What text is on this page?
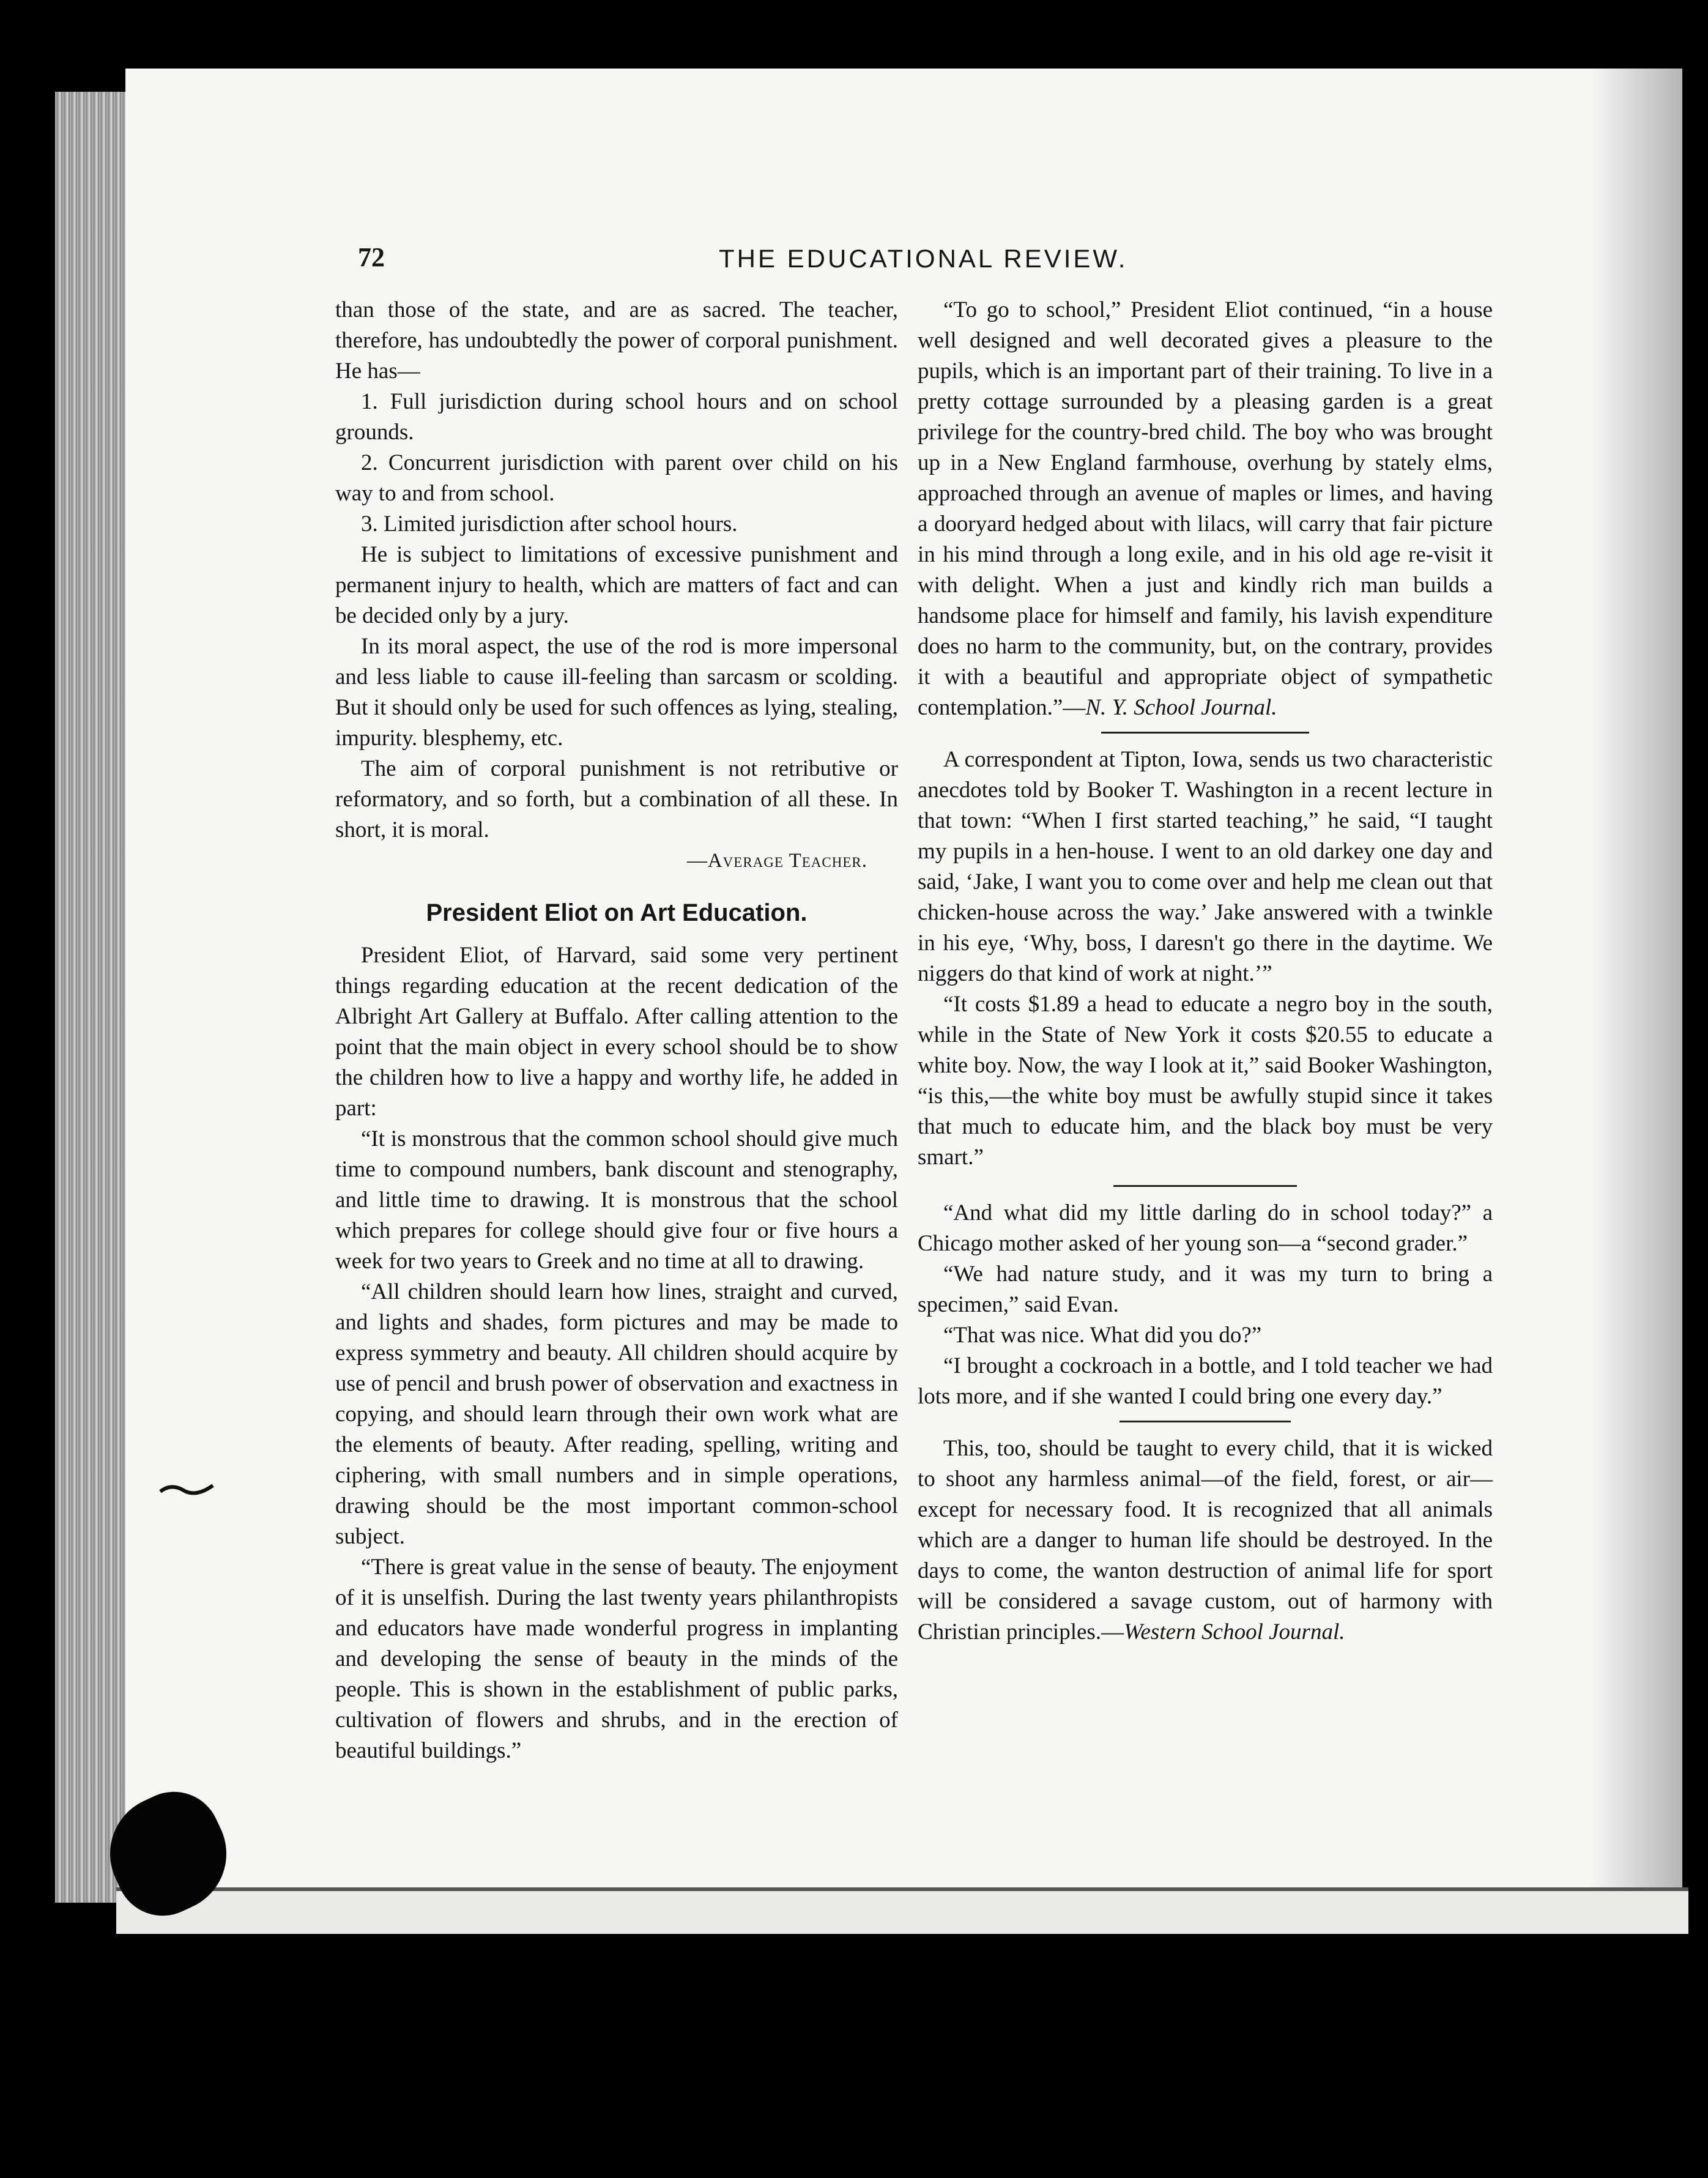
72	THE EDUCATIONAL REVIEW.

than those of the state, and are as sacred. The teacher, therefore, has undoubtedly the power of corporal punishment. He has—

1. Full jurisdiction during school hours and on school grounds.

2. Concurrent jurisdiction with parent over child on his way to and from school.

3. Limited jurisdiction after school hours.

He is subject to limitations of excessive punishment and permanent injury to health, which are matters of fact and can be decided only by a jury.

In its moral aspect, the use of the rod is more impersonal and less liable to cause ill-feeling than sarcasm or scolding. But it should only be used for such offences as lying, stealing, impurity. blesphemy, etc.

The aim of corporal punishment is not retributive or reformatory, and so forth, but a combination of all these. In short, it is moral.

—Average Teacher.

President Eliot on Art Education.

President Eliot, of Harvard, said some very pertinent things regarding education at the recent dedication of the Albright Art Gallery at Buffalo. After calling attention to the point that the main object in every school should be to show the children how to live a happy and worthy life, he added in part:

“It is monstrous that the common school should give much time to compound numbers, bank discount and stenography, and little time to drawing. It is monstrous that the school which prepares for college should give four or five hours a week for two years to Greek and no time at all to drawing.

“All children should learn how lines, straight and curved, and lights and shades, form pictures and may be made to express symmetry and beauty. All children should acquire by use of pencil and brush power of observation and exactness in copying, and should learn through their own work what are the elements of beauty. After reading, spelling, writing and ciphering, with small numbers and in simple operations, drawing should be the most important common-school subject.

“There is great value in the sense of beauty. The enjoyment of it is unselfish. During the last twenty years philanthropists and educators have made wonderful progress in implanting and developing the sense of beauty in the minds of the people. This is shown in the establishment of public parks, cultivation of flowers and shrubs, and in the erection of beautiful buildings.”

“To go to school,” President Eliot continued, “in a house well designed and well decorated gives a pleasure to the pupils, which is an important part of their training. To live in a pretty cottage surrounded by a pleasing garden is a great privilege for the country-bred child. The boy who was brought up in a New England farmhouse, overhung by stately elms, approached through an avenue of maples or limes, and having a dooryard hedged about with lilacs, will carry that fair picture in his mind through a long exile, and in his old age re-visit it with delight. When a just and kindly rich man builds a handsome place for himself and family, his lavish expenditure does no harm to the community, but, on the contrary, provides it with a beautiful and appropriate object of sympathetic contemplation.”—N. Y. School Journal.

A correspondent at Tipton, Iowa, sends us two characteristic anecdotes told by Booker T. Washington in a recent lecture in that town: “When I first started teaching,” he said, “I taught my pupils in a hen-house. I went to an old darkey one day and said, ‘Jake, I want you to come over and help me clean out that chicken-house across the way.’ Jake answered with a twinkle in his eye, ‘Why, boss, I daresn't go there in the daytime. We niggers do that kind of work at night.’”

“It costs $1.89 a head to educate a negro boy in the south, while in the State of New York it costs $20.55 to educate a white boy. Now, the way I look at it,” said Booker Washington, “is this,—the white boy must be awfully stupid since it takes that much to educate him, and the black boy must be very smart.”

“And what did my little darling do in school today?” a Chicago mother asked of her young son—a “second grader.”

“We had nature study, and it was my turn to bring a specimen,” said Evan.

“That was nice. What did you do?”

“I brought a cockroach in a bottle, and I told teacher we had lots more, and if she wanted I could bring one every day.”

This, too, should be taught to every child, that it is wicked to shoot any harmless animal—of the field, forest, or air—except for necessary food. It is recognized that all animals which are a danger to human life should be destroyed. In the days to come, the wanton destruction of animal life for sport will be considered a savage custom, out of harmony with Christian principles.—Western School Journal.
